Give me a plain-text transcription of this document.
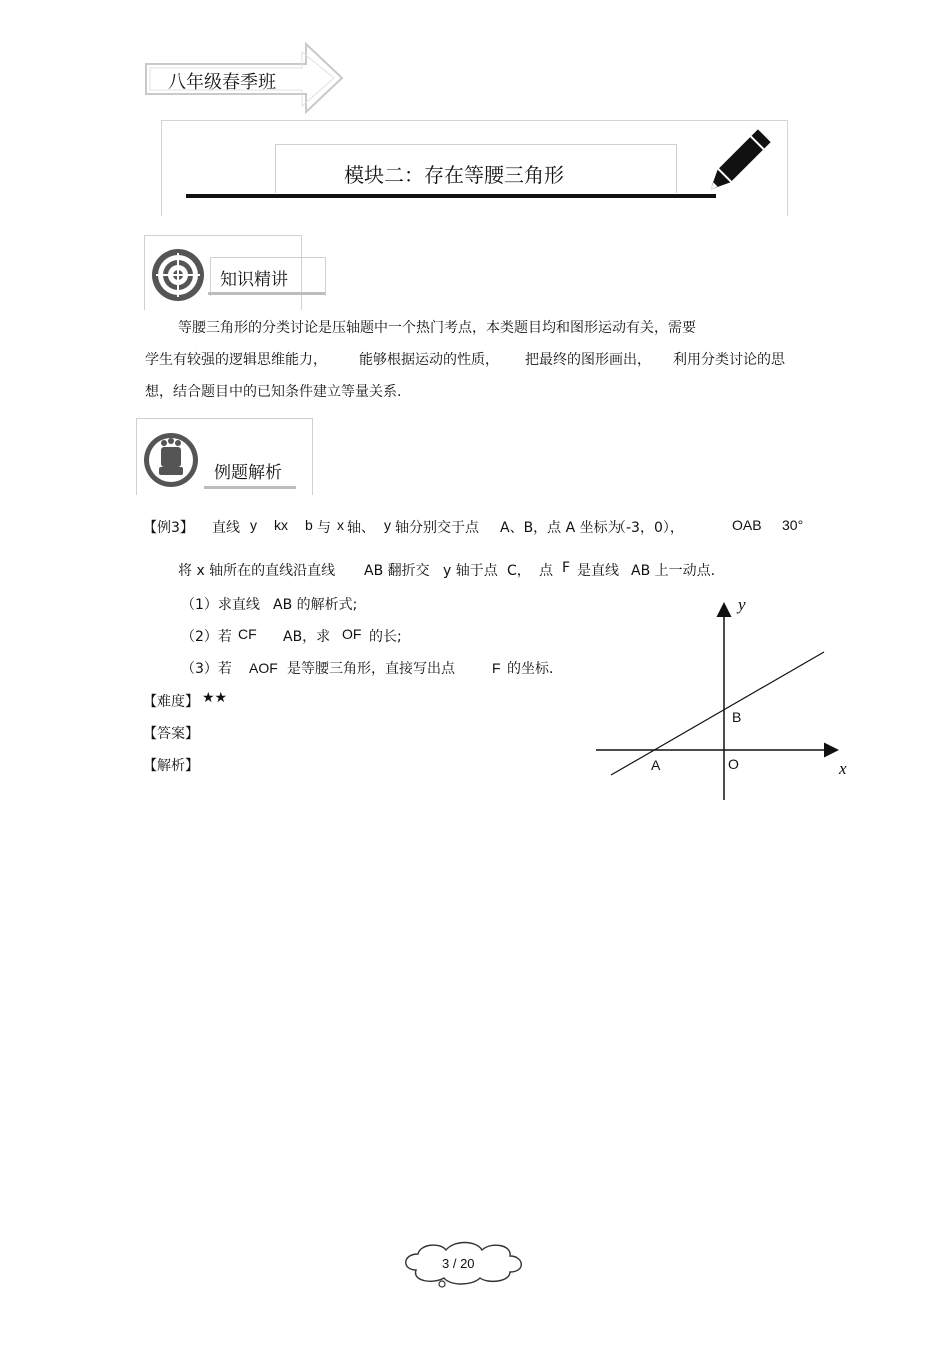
八年级春季班
模块二：存在等腰三角形
知识精讲
等腰三角形的分类讨论是压轴题中一个热门考点，本类题目均和图形运动有关，需要
学生有较强的逻辑思维能力， 能够根据运动的性质， 把最终的图形画出， 利用分类讨论的思
想，结合题目中的已知条件建立等量关系.
例题解析
【例3】 直线 y kx b 与 x 轴、 y 轴分别交于点 A、B，点 A 坐标为
（-3，0），	OAB 30°
将 x 轴所在的直线沿直线 AB 翻折交 y 轴于点 C， 点 F 是直线 AB 上一动点.
（1）求直线 AB 的解析式;
（2）若 CF AB，求 OF 的长;
（3）若 AOF 是等腰三角形，直接写出点	F 的坐标.
【难度】 ★★
【答案】
【解析】
y
x
B
A	O
3 / 20
